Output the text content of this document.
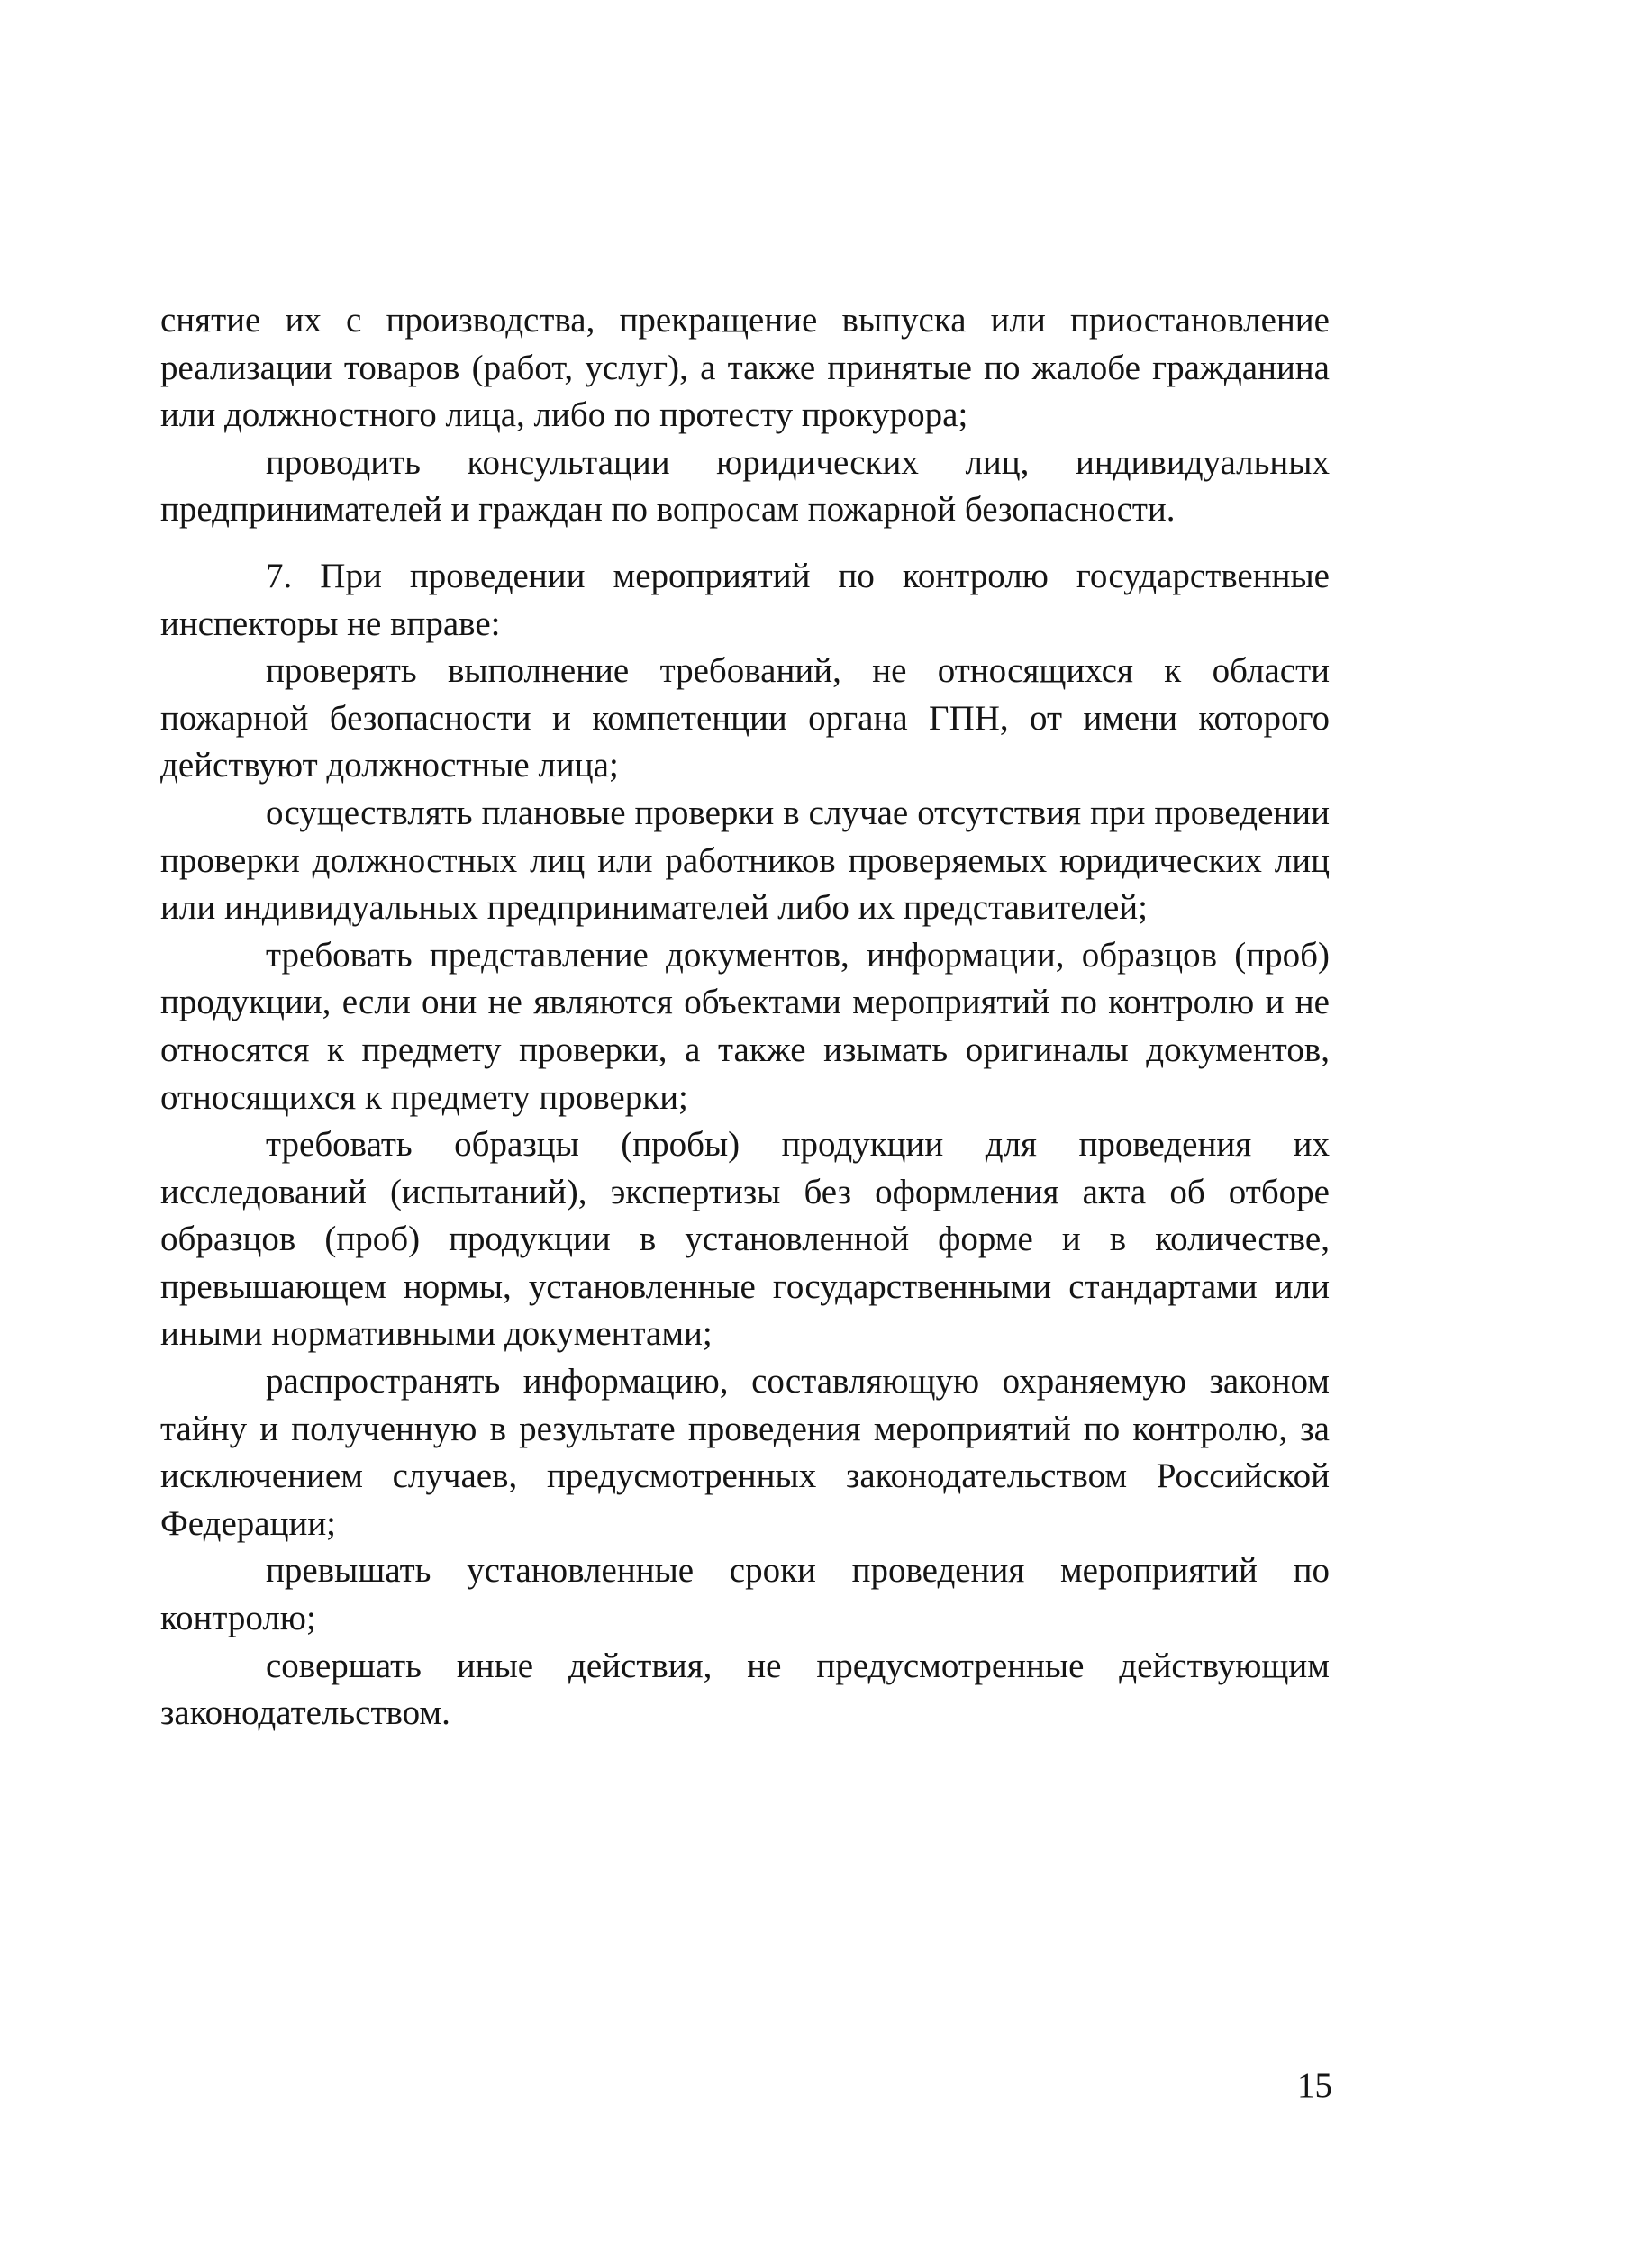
снятие их с производства, прекращение выпуска или приостановление реализации товаров (работ, услуг), а также принятые по жалобе гражданина или должностного лица, либо по протесту прокурора;

проводить консультации юридических лиц, индивидуальных предпринимателей и граждан по вопросам пожарной безопасности.

7. При проведении мероприятий по контролю государственные инспекторы не вправе:

проверять выполнение требований, не относящихся к области пожарной безопасности и компетенции органа ГПН, от имени которого действуют должностные лица;

осуществлять плановые проверки в случае отсутствия при проведении проверки должностных лиц или работников проверяемых юридических лиц или индивидуальных предпринимателей либо их представителей;

требовать представление документов, информации, образцов (проб) продукции, если они не являются объектами мероприятий по контролю и не относятся к предмету проверки, а также изымать оригиналы документов, относящихся к предмету проверки;

требовать образцы (пробы) продукции для проведения их исследований (испытаний), экспертизы без оформления акта об отборе образцов (проб) продукции в установленной форме и в количестве, превышающем нормы, установленные государственными стандартами или иными нормативными документами;

распространять информацию, составляющую охраняемую законом тайну и полученную в результате проведения мероприятий по контролю, за исключением случаев, предусмотренных законодательством Российской Федерации;

превышать установленные сроки проведения мероприятий по контролю;

совершать иные действия, не предусмотренные действующим законодательством.

15
